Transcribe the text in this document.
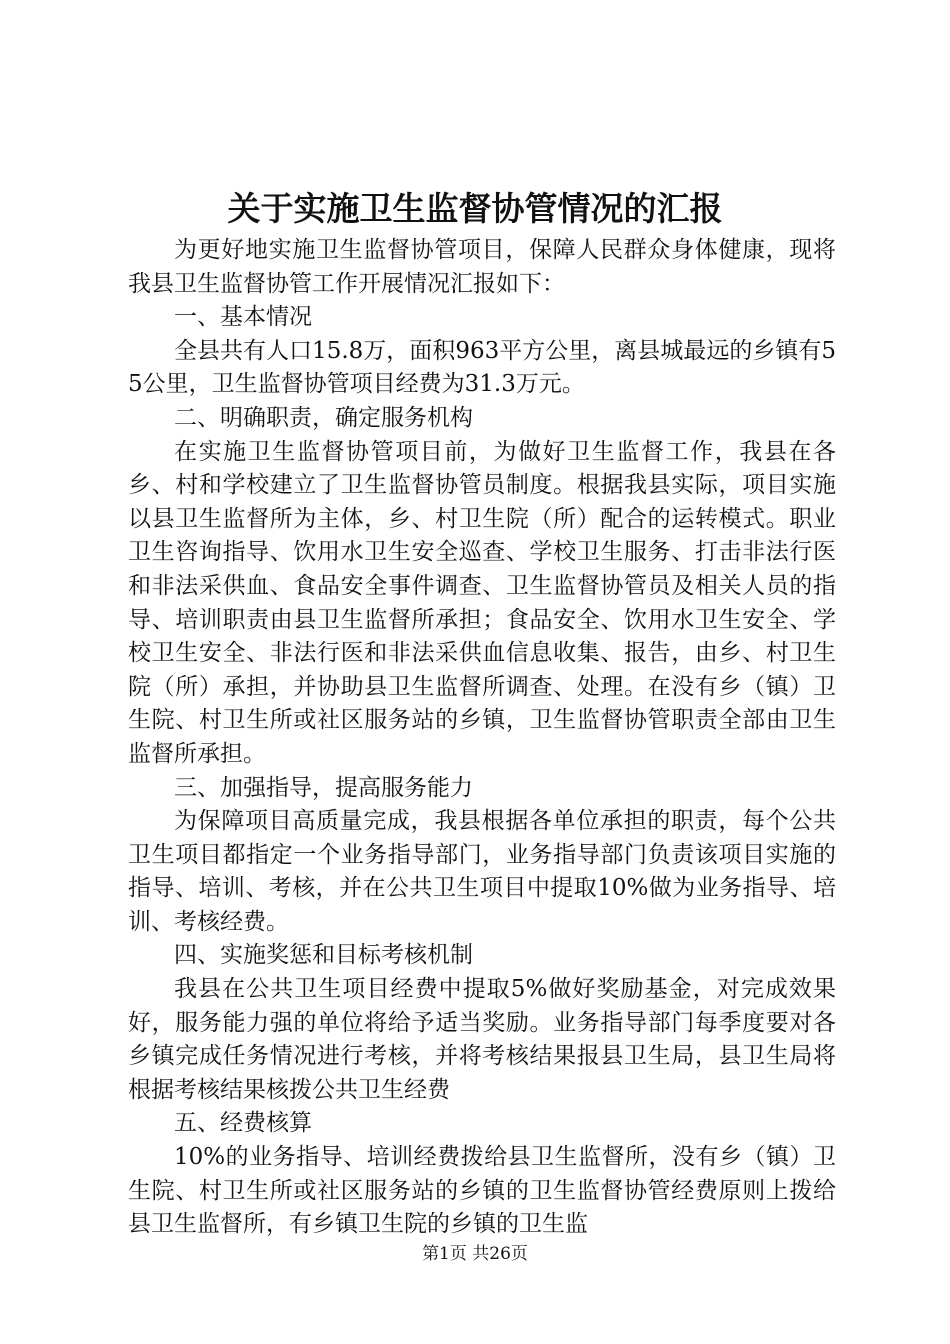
关于实施卫生监督协管情况的汇报

为更好地实施卫生监督协管项目，保障人民群众身体健康，现将我县卫生监督协管工作开展情况汇报如下：

一、基本情况

全县共有人口15.8万，面积963平方公里，离县城最远的乡镇有55公里，卫生监督协管项目经费为31.3万元。

二、明确职责，确定服务机构

在实施卫生监督协管项目前，为做好卫生监督工作，我县在各乡、村和学校建立了卫生监督协管员制度。根据我县实际，项目实施以县卫生监督所为主体，乡、村卫生院（所）配合的运转模式。职业卫生咨询指导、饮用水卫生安全巡查、学校卫生服务、打击非法行医和非法采供血、食品安全事件调查、卫生监督协管员及相关人员的指导、培训职责由县卫生监督所承担；食品安全、饮用水卫生安全、学校卫生安全、非法行医和非法采供血信息收集、报告，由乡、村卫生院（所）承担，并协助县卫生监督所调查、处理。在没有乡（镇）卫生院、村卫生所或社区服务站的乡镇，卫生监督协管职责全部由卫生监督所承担。

三、加强指导，提高服务能力

为保障项目高质量完成，我县根据各单位承担的职责，每个公共卫生项目都指定一个业务指导部门，业务指导部门负责该项目实施的指导、培训、考核，并在公共卫生项目中提取10%做为业务指导、培训、考核经费。

四、实施奖惩和目标考核机制

我县在公共卫生项目经费中提取5%做好奖励基金，对完成效果好，服务能力强的单位将给予适当奖励。业务指导部门每季度要对各乡镇完成任务情况进行考核，并将考核结果报县卫生局，县卫生局将根据考核结果核拨公共卫生经费

五、经费核算

10%的业务指导、培训经费拨给县卫生监督所，没有乡（镇）卫生院、村卫生所或社区服务站的乡镇的卫生监督协管经费原则上拨给县卫生监督所，有乡镇卫生院的乡镇的卫生监

第1页 共26页
